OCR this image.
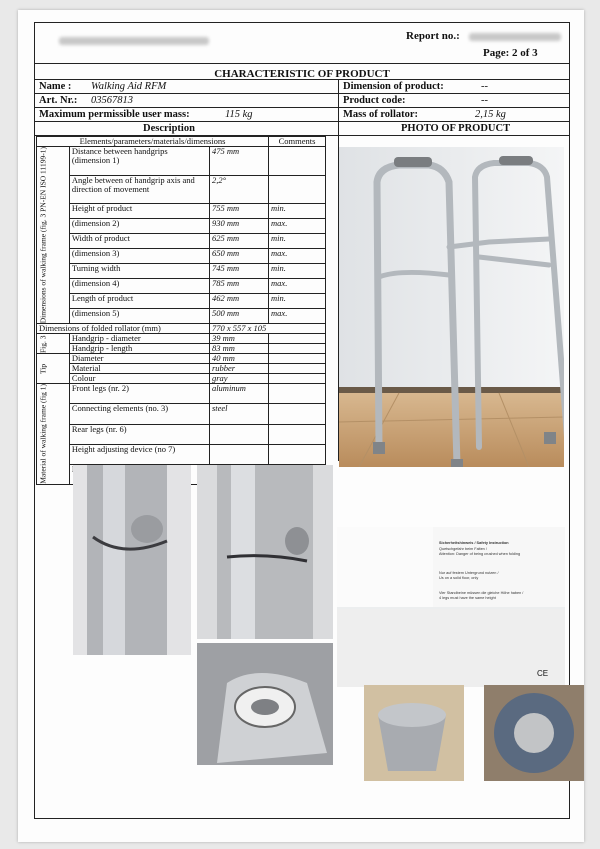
Report no.:
Page: 2 of 3
CHARACTERISTIC OF PRODUCT
Name : Walking Aid RFM	Dimension of product:	--
Art. Nr.: 03567813	Product code:	--
Maximum permissible user mass:	115 kg	Mass of rollator:	2,15 kg
Description	PHOTO OF PRODUCT
Elements/parameters/materials/dimensions			Comments
Dimensions of walking frame (fig. 3 PN-EN ISO 11199-1)	Distance between handgrips (dimension 1)	475 mm	
	Angle between of handgrip axis and direction of movement	2,2°	
	Height of product	755 mm	min.
	(dimension 2)	930 mm	max.
	Width of product	625 mm	min.
	(dimension 3)	650 mm	max.
	Turning width	745 mm	min.
	(dimension 4)	785 mm	max.
	Length of product	462 mm	min.
	(dimension 5)	500 mm	max.
Dimensions of folded rollator (mm)		770 x 557 x 105	
Fig. 3	Handgrip - diameter	39 mm	
	Handgrip - length	83 mm	
Tip	Diameter	40 mm	
	Material	rubber	
	Colour	gray	
Material of walking frame (fig 1)	Front legs (nr. 2)	aluminum	
	Connecting elements (no. 3)	steel	
	Rear legs (nr. 6)		
	Height adjusting device (no 7)		

Sicherheitshinweis / Safety Instruction
Quetschgefahr beim Falten /
Attention: Danger of being crushed when folding
Nur auf festem Untergrund nutzen /
Us on a solid floor, only
Vier Standbeine müssen die gleiche Höhe haben /
4 legs must have the same height
CE
